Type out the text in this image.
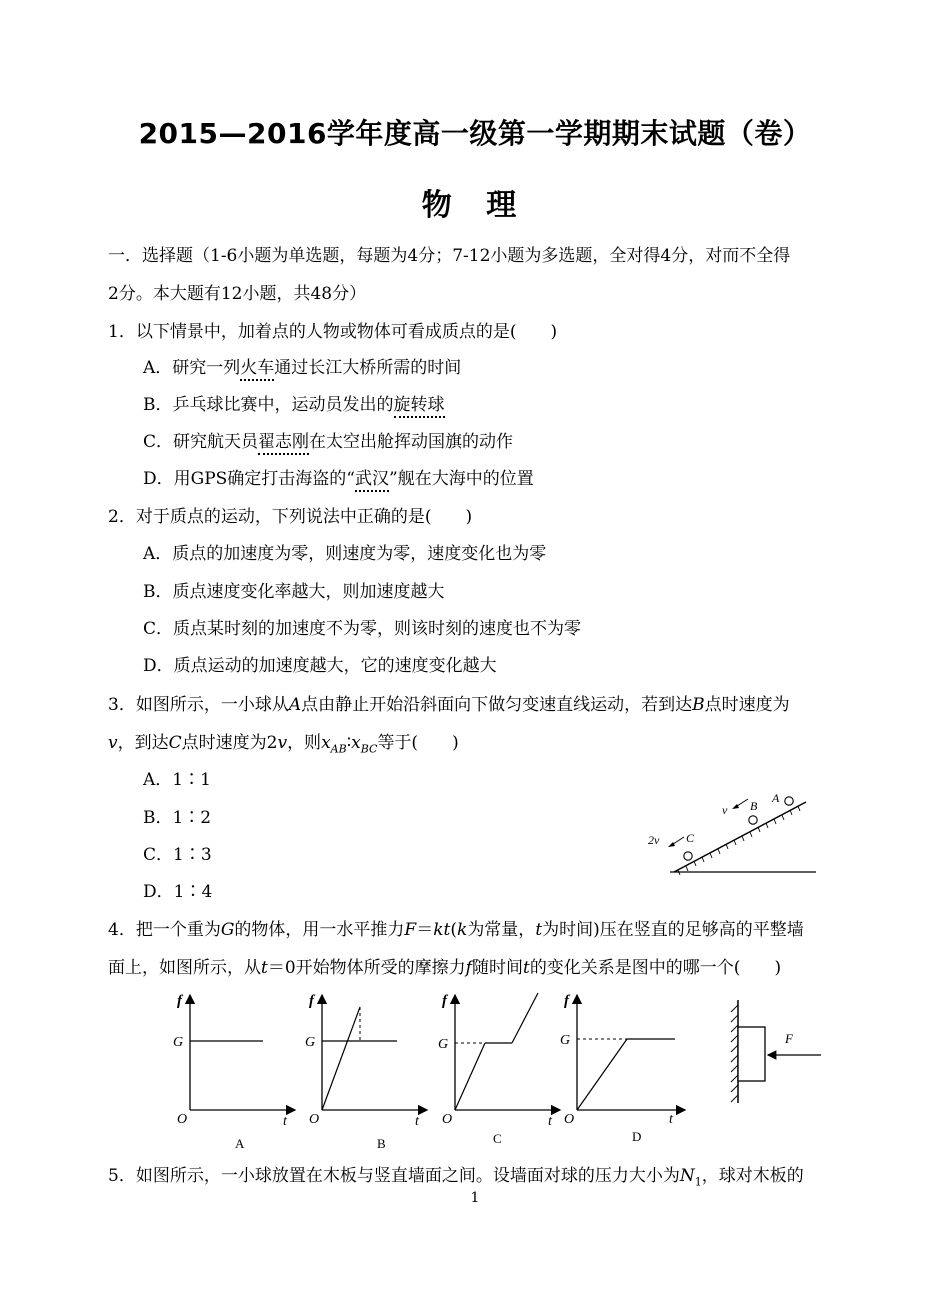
2015—2016学年度高一级第一学期期末试题（卷）
物 理
一．选择题（1-6小题为单选题，每题为4分；7-12小题为多选题，全对得4分，对而不全得
2分。本大题有12小题，共48分）
1．以下情景中，加着点的人物或物体可看成质点的是(　　)
A．研究一列火车通过长江大桥所需的时间
B．乒乓球比赛中，运动员发出的旋转球
C．研究航天员翟志刚在太空出舱挥动国旗的动作
D．用GPS确定打击海盗的“武汉”舰在大海中的位置
2．对于质点的运动，下列说法中正确的是(　　)
A．质点的加速度为零，则速度为零，速度变化也为零
B．质点速度变化率越大，则加速度越大
C．质点某时刻的加速度不为零，则该时刻的速度也不为零
D．质点运动的加速度越大，它的速度变化越大
3．如图所示，一小球从A点由静止开始沿斜面向下做匀变速直线运动，若到达B点时速度为
v，到达C点时速度为2v，则$x_{AB}∶x_{BC}$等于(　　)
A．1∶1
B．1∶2
C．1∶3
D．1∶4
v B
A
2v C
4．把一个重为G的物体，用一水平推力F＝kt(k为常量，t为时间)压在竖直的足够高的平整墙
面上，如图所示，从t＝0开始物体所受的摩擦力f随时间t的变化关系是图中的哪一个(　　)
f
G
O	t
A
f
G
O	t
B
f
G
O	t
C
f
G
O	t
D
F
5．如图所示，一小球放置在木板与竖直墙面之间。设墙面对球的压力大小为$N_1$，球对木板的
1
